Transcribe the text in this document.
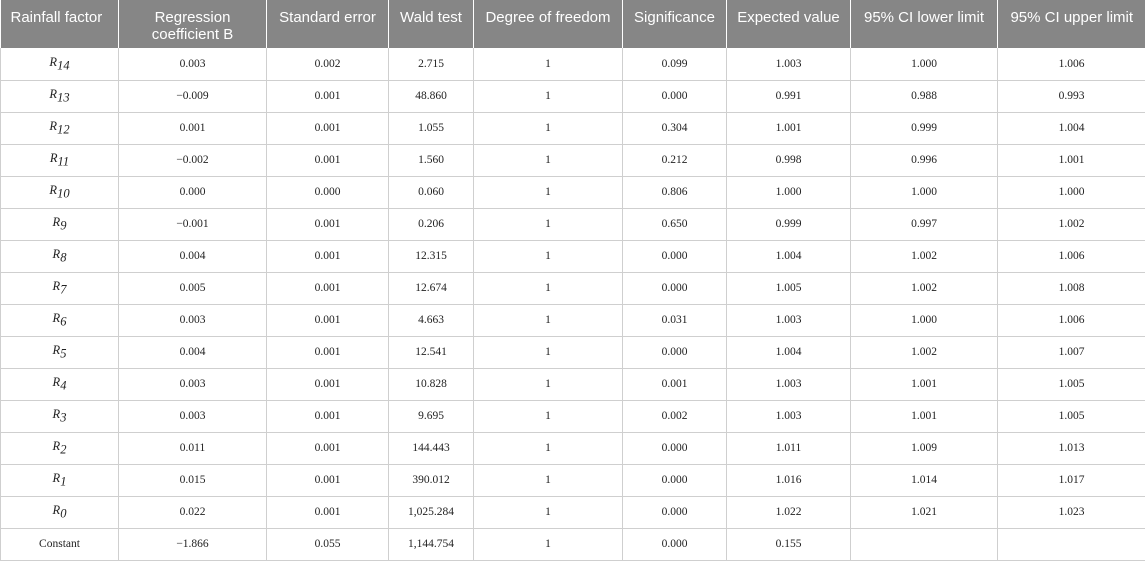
Rainfall factor	Regression coefficient B	Standard error	Wald test	Degree of freedom	Significance	Expected value	95% CI lower limit	95% CI upper limit

$R_{14}$	0.003	0.002	2.715	1	0.099	1.003	1.000	1.006
$R_{13}$	−0.009	0.001	48.860	1	0.000	0.991	0.988	0.993
$R_{12}$	0.001	0.001	1.055	1	0.304	1.001	0.999	1.004
$R_{11}$	−0.002	0.001	1.560	1	0.212	0.998	0.996	1.001
$R_{10}$	0.000	0.000	0.060	1	0.806	1.000	1.000	1.000
$R_9$	−0.001	0.001	0.206	1	0.650	0.999	0.997	1.002
$R_8$	0.004	0.001	12.315	1	0.000	1.004	1.002	1.006
$R_7$	0.005	0.001	12.674	1	0.000	1.005	1.002	1.008
$R_6$	0.003	0.001	4.663	1	0.031	1.003	1.000	1.006
$R_5$	0.004	0.001	12.541	1	0.000	1.004	1.002	1.007
$R_4$	0.003	0.001	10.828	1	0.001	1.003	1.001	1.005
$R_3$	0.003	0.001	9.695	1	0.002	1.003	1.001	1.005
$R_2$	0.011	0.001	144.443	1	0.000	1.011	1.009	1.013
$R_1$	0.015	0.001	390.012	1	0.000	1.016	1.014	1.017
$R_0$	0.022	0.001	1,025.284	1	0.000	1.022	1.021	1.023
Constant	−1.866	0.055	1,144.754	1	0.000	0.155		
